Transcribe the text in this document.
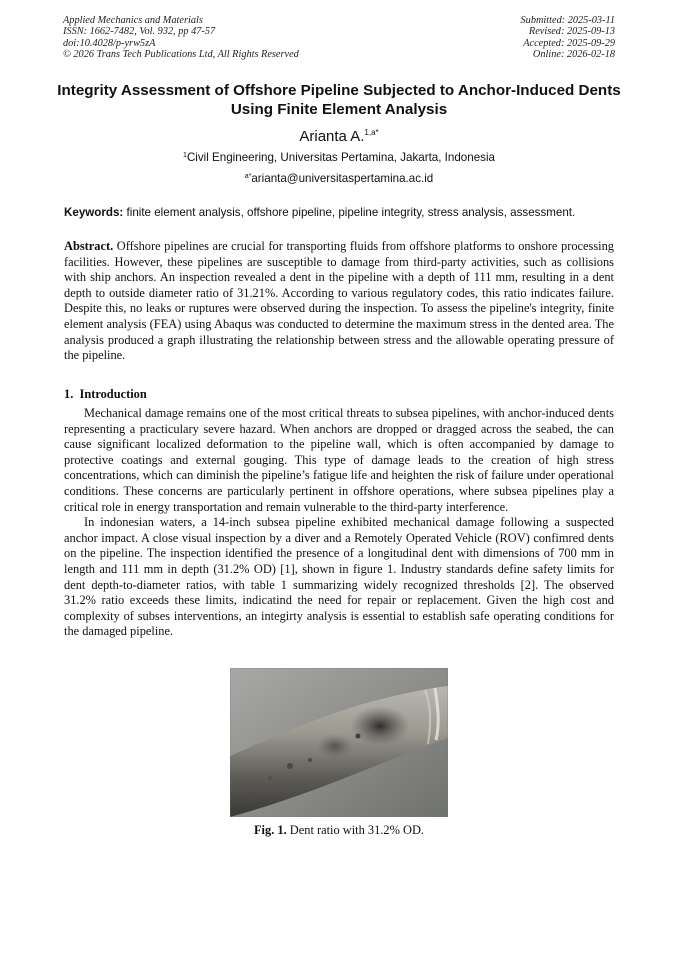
Applied Mechanics and Materials
ISSN: 1662-7482, Vol. 932, pp 47-57
doi:10.4028/p-yrw5zA
© 2026 Trans Tech Publications Ltd, All Rights Reserved
Submitted: 2025-03-11
Revised: 2025-09-13
Accepted: 2025-09-29
Online: 2026-02-18
Integrity Assessment of Offshore Pipeline Subjected to Anchor-Induced Dents Using Finite Element Analysis
Arianta A.$^{1,a*}$
$^1$Civil Engineering, Universitas Pertamina, Jakarta, Indonesia
$^{a*}$arianta@universitaspertamina.ac.id
Keywords: finite element analysis, offshore pipeline, pipeline integrity, stress analysis, assessment.
Abstract. Offshore pipelines are crucial for transporting fluids from offshore platforms to onshore processing facilities. However, these pipelines are susceptible to damage from third-party activities, such as collisions with ship anchors. An inspection revealed a dent in the pipeline with a depth of 111 mm, resulting in a dent depth to outside diameter ratio of 31.21%. According to various regulatory codes, this ratio indicates failure. Despite this, no leaks or ruptures were observed during the inspection. To assess the pipeline's integrity, finite element analysis (FEA) using Abaqus was conducted to determine the maximum stress in the dented area. The analysis produced a graph illustrating the relationship between stress and the allowable operating pressure of the pipeline.
1. Introduction

Mechanical damage remains one of the most critical threats to subsea pipelines, with anchor-induced dents representing a practiculary severe hazard. When anchors are dropped or dragged across the seabed, the can cause significant localized deformation to the pipeline wall, which is often accompanied by damage to protective coatings and external gouging. This type of damage leads to the creation of high stress concentrations, which can diminish the pipeline’s fatigue life and heighten the risk of failure under operational conditions. These concerns are particularly pertinent in offshore operations, where subsea pipelines play a critical role in energy transportation and remain vulnerable to the third-party interference.

In indonesian waters, a 14-inch subsea pipeline exhibited mechanical damage following a suspected anchor impact. A close visual inspection by a diver and a Remotely Operated Vehicle (ROV) confimred dents on the pipeline. The inspection identified the presence of a longitudinal dent with dimensions of 700 mm in length and 111 mm in depth (31.2% OD) [1], shown in figure 1. Industry standards define safety limits for dent depth-to-diameter ratios, with table 1 summarizing widely recognized thresholds [2]. The observed 31.2% ratio exceeds these limits, indicatind the need for repair or replacement. Given the high cost and complexity of subses interventions, an integirty analysis is essential to establish safe operating conditions for the damaged pipeline.

Fig. 1. Dent ratio with 31.2% OD.
